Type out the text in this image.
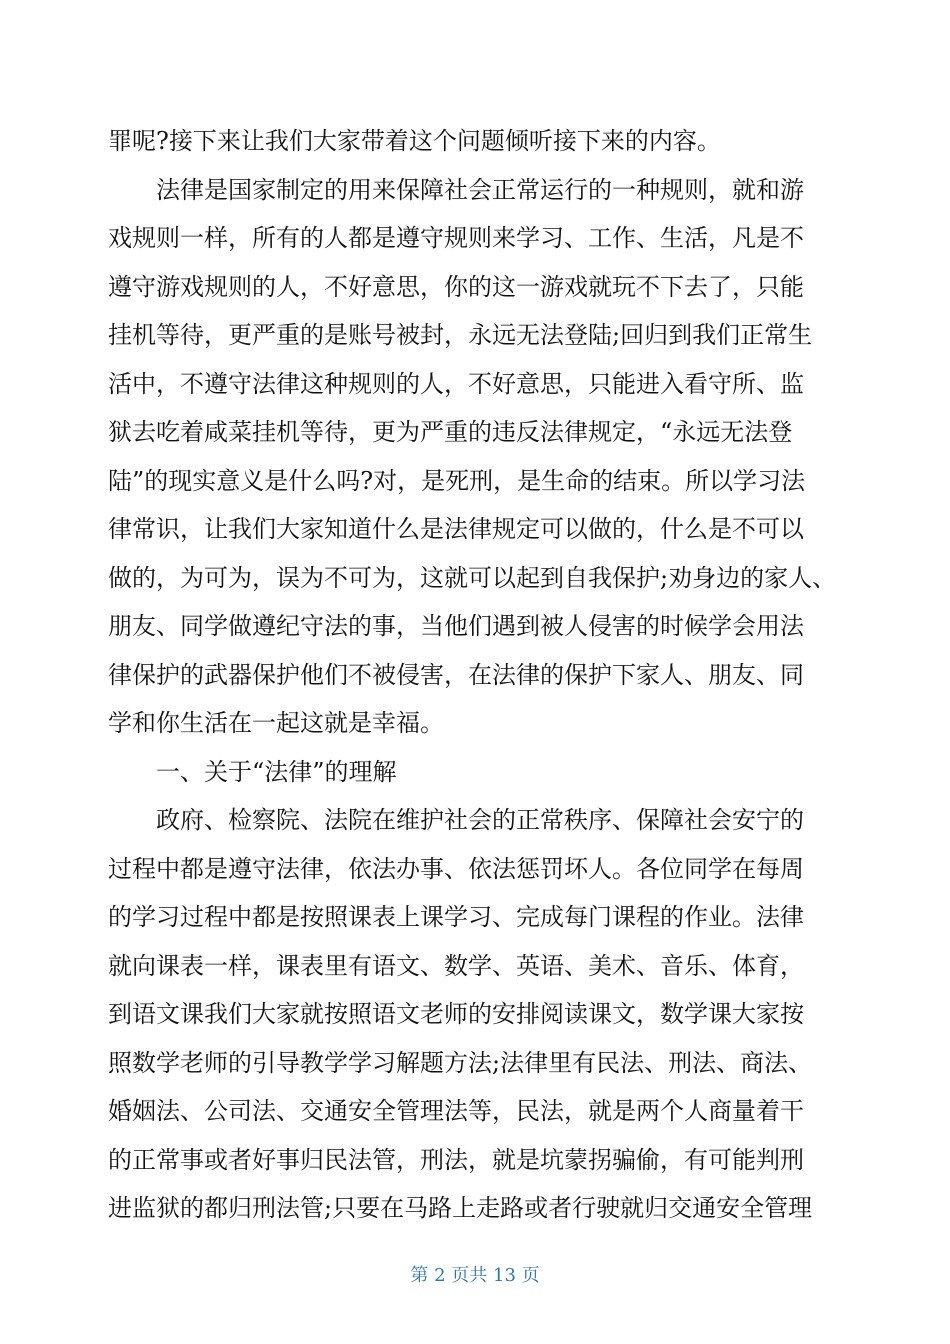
罪呢?接下来让我们大家带着这个问题倾听接下来的内容。
　　法律是国家制定的用来保障社会正常运行的一种规则，就和游
戏规则一样，所有的人都是遵守规则来学习、工作、生活，凡是不
遵守游戏规则的人，不好意思，你的这一游戏就玩不下去了，只能
挂机等待，更严重的是账号被封，永远无法登陆;回归到我们正常生
活中，不遵守法律这种规则的人，不好意思，只能进入看守所、监
狱去吃着咸菜挂机等待，更为严重的违反法律规定，“永远无法登
陆”的现实意义是什么吗?对，是死刑，是生命的结束。所以学习法
律常识，让我们大家知道什么是法律规定可以做的，什么是不可以
做的，为可为，误为不可为，这就可以起到自我保护;劝身边的家人、
朋友、同学做遵纪守法的事，当他们遇到被人侵害的时候学会用法
律保护的武器保护他们不被侵害，在法律的保护下家人、朋友、同
学和你生活在一起这就是幸福。
　　一、关于“法律”的理解
　　政府、检察院、法院在维护社会的正常秩序、保障社会安宁的
过程中都是遵守法律，依法办事、依法惩罚坏人。各位同学在每周
的学习过程中都是按照课表上课学习、完成每门课程的作业。法律
就向课表一样，课表里有语文、数学、英语、美术、音乐、体育，
到语文课我们大家就按照语文老师的安排阅读课文，数学课大家按
照数学老师的引导教学学习解题方法;法律里有民法、刑法、商法、
婚姻法、公司法、交通安全管理法等，民法，就是两个人商量着干
的正常事或者好事归民法管，刑法，就是坑蒙拐骗偷，有可能判刑
进监狱的都归刑法管;只要在马路上走路或者行驶就归交通安全管理
第 2 页共 13 页
